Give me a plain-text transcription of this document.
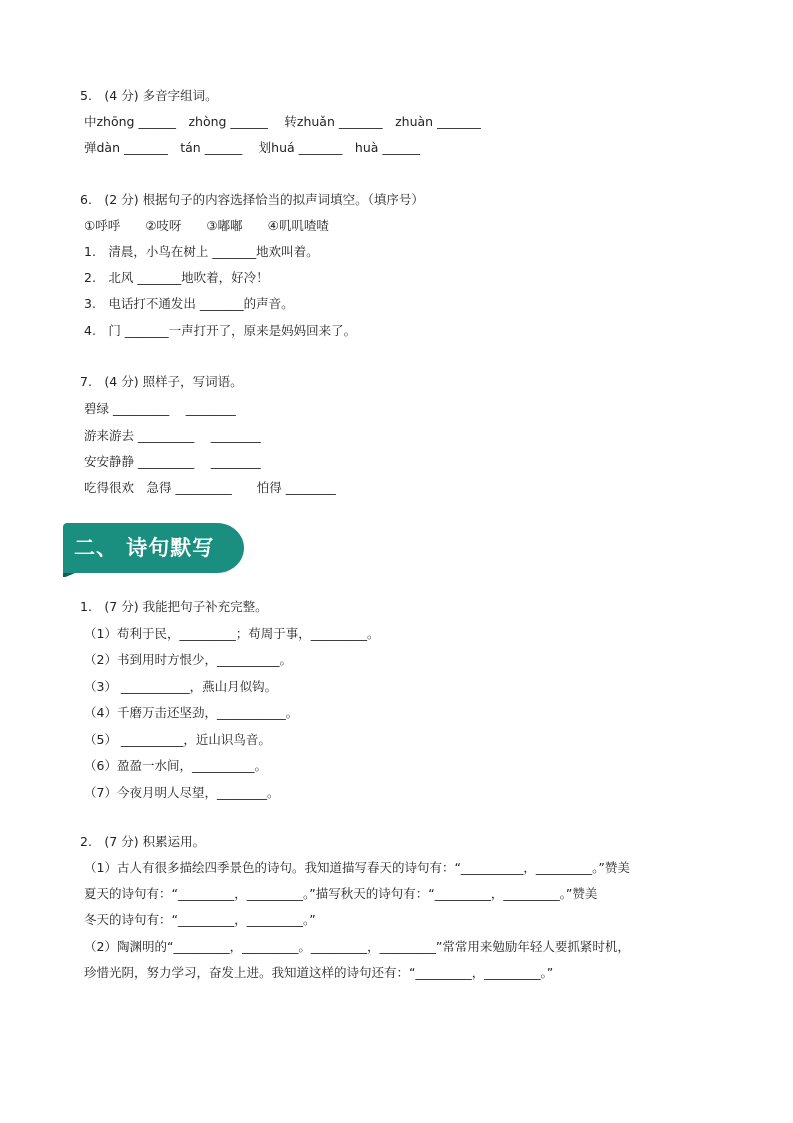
5.　(4 分) 多音字组词。
中zhōng ______　zhòng ______　 转zhuǎn _______　zhuàn _______
弹dàn _______　tán ______　 划huá _______　huà ______
6.　(2 分) 根据句子的内容选择恰当的拟声词填空。（填序号）
①呼呼　　②吱呀　　③嘟嘟　　④叽叽喳喳
1.　清晨，小鸟在树上 _______地欢叫着。
2.　北风 _______地吹着，好冷！
3.　电话打不通发出 _______的声音。
4.　门 _______一声打开了，原来是妈妈回来了。
7.　(4 分) 照样子，写词语。
碧绿 _________　 ________
游来游去 _________　 ________
安安静静 _________　 ________
吃得很欢　急得 _________　　怕得 ________
二、 诗句默写
1.　(7 分) 我能把句子补充完整。
（1）苟利于民，_________；苟周于事，_________。
（2）书到用时方恨少，__________。
（3） ___________，燕山月似钩。
（4）千磨万击还坚劲，___________。
（5） __________，近山识鸟音。
（6）盈盈一水间，__________。
（7）今夜月明人尽望，________。
2.　(7 分) 积累运用。
（1）古人有很多描绘四季景色的诗句。我知道描写春天的诗句有：“__________，_________。”赞美
夏天的诗句有：“_________，_________。”描写秋天的诗句有：“_________，_________。”赞美
冬天的诗句有：“_________，_________。”
（2）陶渊明的“_________，_________。_________，_________”常常用来勉励年轻人要抓紧时机，
珍惜光阴，努力学习，奋发上进。我知道这样的诗句还有：“_________，_________。”
